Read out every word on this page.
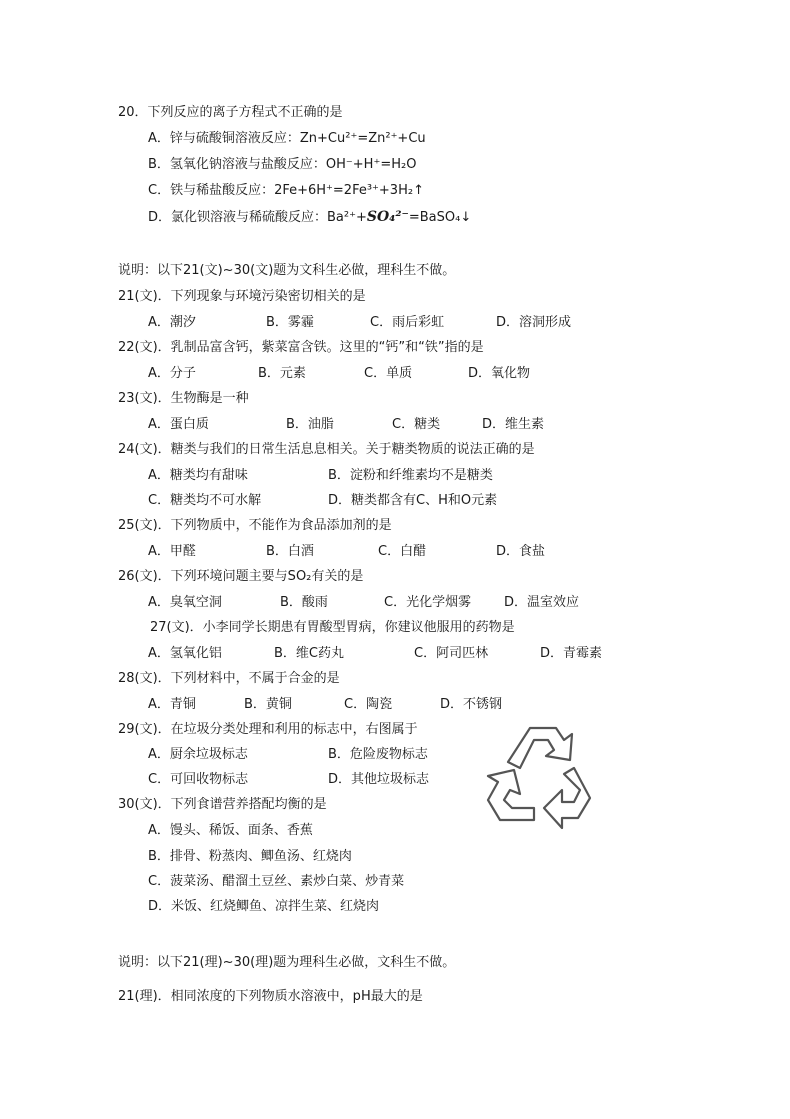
20．下列反应的离子方程式不正确的是
A．锌与硫酸铜溶液反应：Zn+Cu²⁺=Zn²⁺+Cu
B．氢氧化钠溶液与盐酸反应：OH⁻+H⁺=H₂O
C．铁与稀盐酸反应：2Fe+6H⁺=2Fe³⁺+3H₂↑
D．氯化钡溶液与稀硫酸反应：Ba²⁺+SO₄²⁻=BaSO₄↓
说明：以下21(文)~30(文)题为文科生必做，理科生不做。
21(文)．下列现象与环境污染密切相关的是
A．潮汐	B．雾霾	C．雨后彩虹	D．溶洞形成
22(文)．乳制品富含钙，紫菜富含铁。这里的“钙”和“铁”指的是
A．分子	B．元素	C．单质	D．氧化物
23(文)．生物酶是一种
A．蛋白质	B．油脂	C．糖类	D．维生素
24(文)．糖类与我们的日常生活息息相关。关于糖类物质的说法正确的是
A．糖类均有甜味	B．淀粉和纤维素均不是糖类
C．糖类均不可水解	D．糖类都含有C、H和O元素
25(文)．下列物质中，不能作为食品添加剂的是
A．甲醛	B．白酒	C．白醋	D．食盐
26(文)．下列环境问题主要与SO₂有关的是
A．臭氧空洞	B．酸雨	C．光化学烟雾	D．温室效应
27(文)．小李同学长期患有胃酸型胃病，你建议他服用的药物是
A．氢氧化铝	B．维C药丸	C．阿司匹林	D．青霉素
28(文)．下列材料中，不属于合金的是
A．青铜	B．黄铜	C．陶瓷	D．不锈钢
29(文)．在垃圾分类处理和利用的标志中，右图属于
A．厨余垃圾标志	B．危险废物标志
C．可回收物标志	D．其他垃圾标志
30(文)．下列食谱营养搭配均衡的是
A．馒头、稀饭、面条、香蕉
B．排骨、粉蒸肉、鲫鱼汤、红烧肉
C．菠菜汤、醋溜土豆丝、素炒白菜、炒青菜
D．米饭、红烧鲫鱼、凉拌生菜、红烧肉
说明：以下21(理)~30(理)题为理科生必做，文科生不做。
21(理)．相同浓度的下列物质水溶液中，pH最大的是
